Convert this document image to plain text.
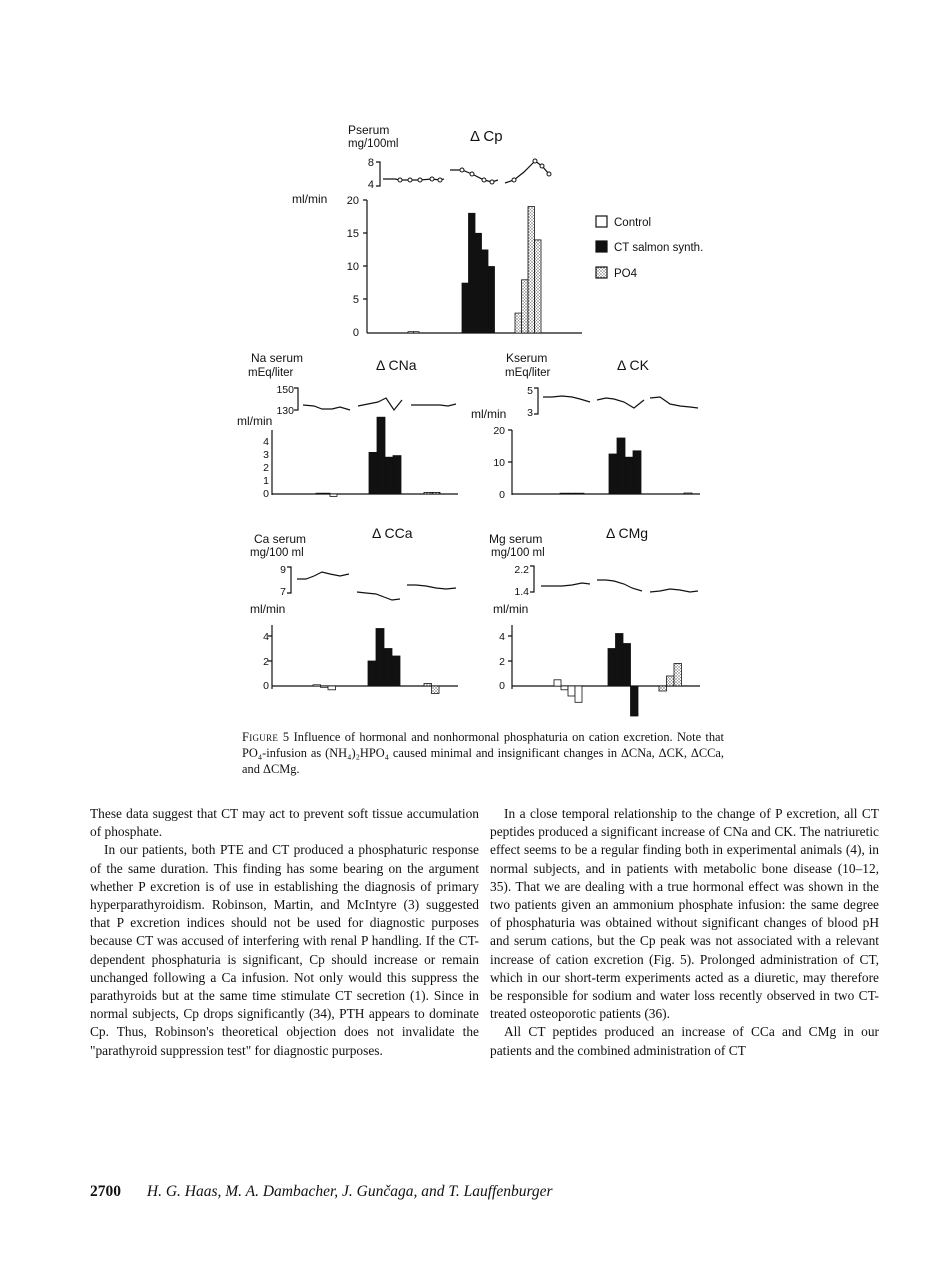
Pserum
mg/100ml	Δ Cp
8
4
ml/min 20
15
10
5
0
Control
CT salmon synth.
PO4
Na serum
mEq/liter	Δ CNa
150
130
ml/min
4
3
2
1
0
Kserum
mEq/liter	Δ CK
5
3
ml/min
20
10
0
Ca serum
mg/100 ml
Δ CCa
9
7
ml/min
4
2
0
Mg serum
mg/100 ml
Δ CMg
2.2
1.4
ml/min
4
2
0
Figure 5 Influence of hormonal and nonhormonal phosphaturia on cation excretion. Note that PO₄-infusion as (NH₄)₂HPO₄ caused minimal and insignificant changes in ΔCNa, ΔCK, ΔCCa, and ΔCMg.

These data suggest that CT may act to prevent soft tissue accumulation of phosphate.

In our patients, both PTE and CT produced a phosphaturic response of the same duration. This finding has some bearing on the argument whether P excretion is of use in establishing the diagnosis of primary hyperparathyroidism. Robinson, Martin, and McIntyre (3) suggested that P excretion indices should not be used for diagnostic purposes because CT was accused of interfering with renal P handling. If the CT- dependent phosphaturia is significant, Cp should increase or remain unchanged following a Ca infusion. Not only would this suppress the parathyroids but at the same time stimulate CT secretion (1). Since in normal subjects, Cp drops significantly (34), PTH appears to dominate Cp. Thus, Robinson's theoretical objection does not invalidate the "parathyroid suppression test" for diagnostic purposes.

In a close temporal relationship to the change of P excretion, all CT peptides produced a significant increase of CNa and CK. The natriuretic effect seems to be a regular finding both in experimental animals (4), in normal subjects, and in patients with metabolic bone disease (10–12, 35). That we are dealing with a true hormonal effect was shown in the two patients given an ammonium phosphate infusion: the same degree of phosphaturia was obtained without significant changes of blood pH and serum cations, but the Cp peak was not associated with a relevant increase of cation excretion (Fig. 5). Prolonged administration of CT, which in our short-term experiments acted as a diuretic, may therefore be responsible for sodium and water loss recently observed in two CT-treated osteoporotic patients (36).

All CT peptides produced an increase of CCa and CMg in our patients and the combined administration of CT

2700 H. G. Haas, M. A. Dambacher, J. Gunčaga, and T. Lauffenburger
